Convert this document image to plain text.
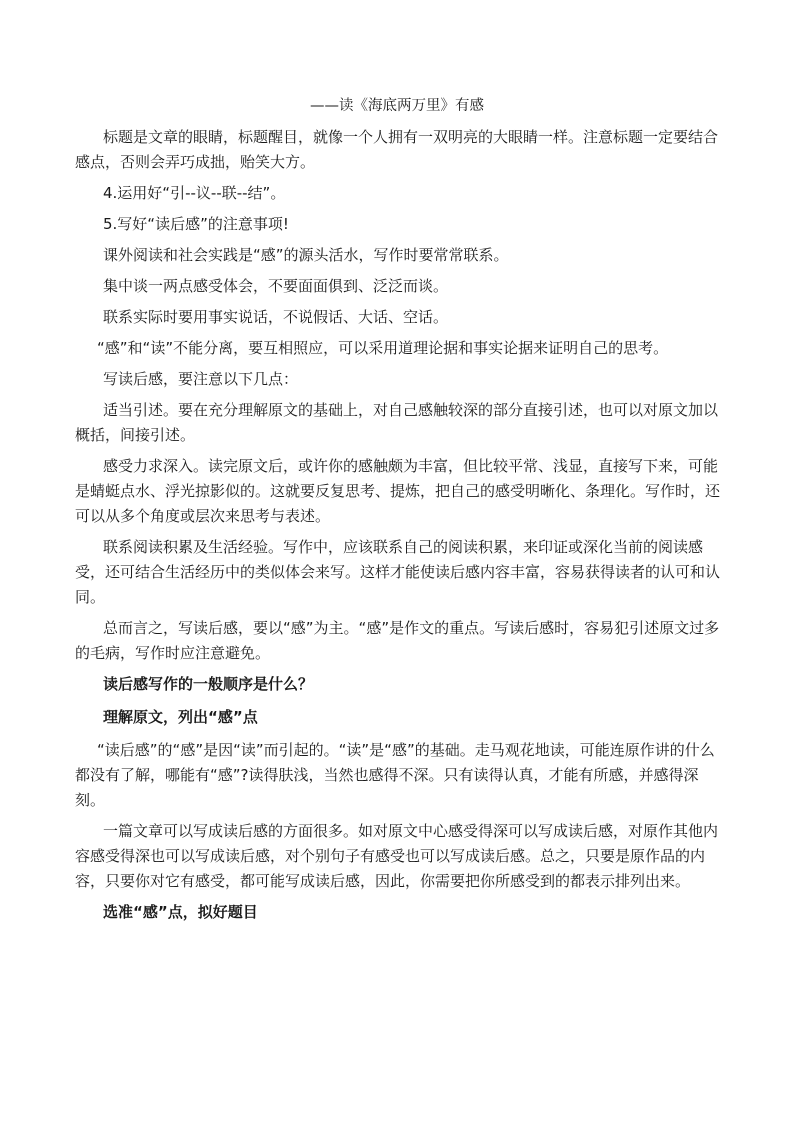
——读《海底两万里》有感

标题是文章的眼睛，标题醒目，就像一个人拥有一双明亮的大眼睛一样。注意标题一定要结合感点，否则会弄巧成拙，贻笑大方。

4.运用好“引--议--联--结”。

5.写好“读后感”的注意事项!

课外阅读和社会实践是“感”的源头活水，写作时要常常联系。

集中谈一两点感受体会，不要面面俱到、泛泛而谈。

联系实际时要用事实说话，不说假话、大话、空话。

“感”和“读”不能分离，要互相照应，可以采用道理论据和事实论据来证明自己的思考。

写读后感，要注意以下几点：

适当引述。要在充分理解原文的基础上，对自己感触较深的部分直接引述，也可以对原文加以概括，间接引述。

感受力求深入。读完原文后，或许你的感触颇为丰富，但比较平常、浅显，直接写下来，可能是蜻蜓点水、浮光掠影似的。这就要反复思考、提炼，把自己的感受明晰化、条理化。写作时，还可以从多个角度或层次来思考与表述。

联系阅读积累及生活经验。写作中，应该联系自己的阅读积累，来印证或深化当前的阅读感受，还可结合生活经历中的类似体会来写。这样才能使读后感内容丰富，容易获得读者的认可和认同。

总而言之，写读后感，要以“感”为主。“感”是作文的重点。写读后感时，容易犯引述原文过多的毛病，写作时应注意避免。

读后感写作的一般顺序是什么？

理解原文，列出“感”点

“读后感”的“感”是因“读”而引起的。“读”是“感”的基础。走马观花地读，可能连原作讲的什么都没有了解，哪能有“感”?读得肤浅，当然也感得不深。只有读得认真，才能有所感，并感得深刻。

一篇文章可以写成读后感的方面很多。如对原文中心感受得深可以写成读后感，对原作其他内容感受得深也可以写成读后感，对个别句子有感受也可以写成读后感。总之，只要是原作品的内容，只要你对它有感受，都可能写成读后感，因此，你需要把你所感受到的都表示排列出来。

选准“感”点，拟好题目
